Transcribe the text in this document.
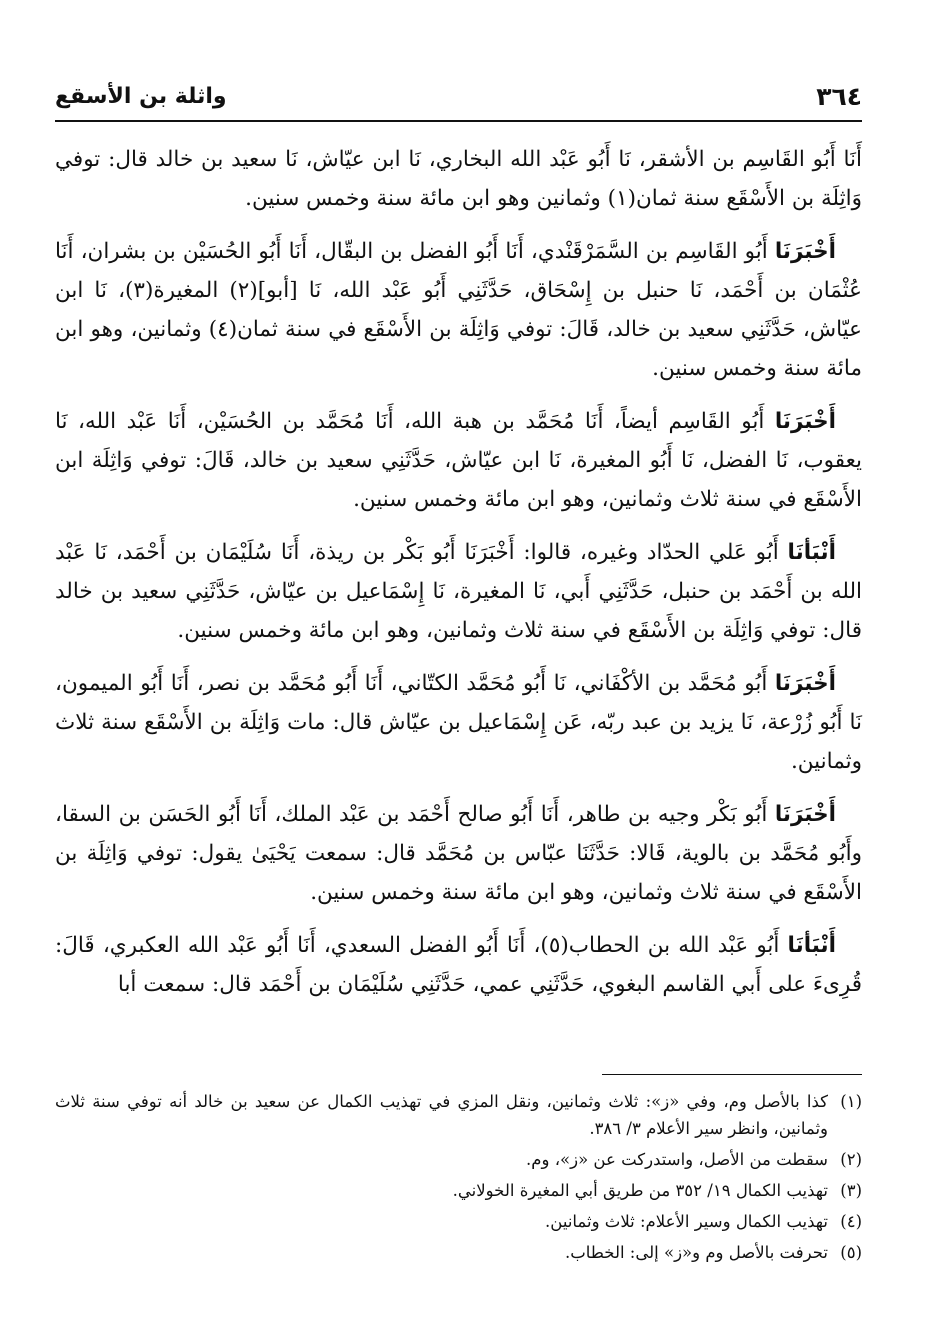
٣٦٤
واثلة بن الأسقع

أَنَا أَبُو القَاسِم بن الأشقر، نَا أَبُو عَبْد الله البخاري، نَا ابن عيّاش، نَا سعيد بن خالد قال: توفي وَاثِلَة بن الأَسْقَع سنة ثمان(١) وثمانين وهو ابن مائة سنة وخمس سنين.

أَخْبَرَنَا أَبُو القَاسِم بن السَّمَرْقَنْدي، أَنَا أَبُو الفضل بن البقّال، أَنَا أَبُو الحُسَيْن بن بشران، أَنَا عُثْمَان بن أَحْمَد، نَا حنبل بن إِسْحَاق، حَدَّثَنِي أَبُو عَبْد الله، نَا [أبو](٢) المغيرة(٣)، نَا ابن عيّاش، حَدَّثَنِي سعيد بن خالد، قَالَ: توفي وَاثِلَة بن الأَسْقَع في سنة ثمان(٤) وثمانين، وهو ابن مائة سنة وخمس سنين.

أَخْبَرَنَا أَبُو القَاسِم أيضاً، أَنَا مُحَمَّد بن هبة الله، أَنَا مُحَمَّد بن الحُسَيْن، أَنَا عَبْد الله، نَا يعقوب، نَا الفضل، نَا أَبُو المغيرة، نَا ابن عيّاش، حَدَّثَنِي سعيد بن خالد، قَالَ: توفي وَاثِلَة ابن الأَسْقَع في سنة ثلاث وثمانين، وهو ابن مائة وخمس سنين.

أَنْبَأنَا أَبُو عَلي الحدّاد وغيره، قالوا: أَخْبَرَنَا أَبُو بَكْر بن ريذة، أَنَا سُلَيْمَان بن أَحْمَد، نَا عَبْد الله بن أَحْمَد بن حنبل، حَدَّثَنِي أَبي، نَا المغيرة، نَا إِسْمَاعيل بن عيّاش، حَدَّثَنِي سعيد بن خالد قال: توفي وَاثِلَة بن الأَسْقَع في سنة ثلاث وثمانين، وهو ابن مائة وخمس سنين.

أَخْبَرَنَا أَبُو مُحَمَّد بن الأكْفَاني، نَا أَبُو مُحَمَّد الكتّاني، أَنَا أَبُو مُحَمَّد بن نصر، أَنَا أَبُو الميمون، نَا أَبُو زُرْعة، نَا يزيد بن عبد ربّه، عَن إِسْمَاعيل بن عيّاش قال: مات وَاثِلَة بن الأَسْقَع سنة ثلاث وثمانين.

أَخْبَرَنَا أَبُو بَكْر وجيه بن طاهر، أَنَا أَبُو صالح أَحْمَد بن عَبْد الملك، أَنَا أَبُو الحَسَن بن السقا، وأَبُو مُحَمَّد بن بالوية، قَالا: حَدَّثَنَا عبّاس بن مُحَمَّد قال: سمعت يَحْيَىٰ يقول: توفي وَاثِلَة بن الأَسْقَع في سنة ثلاث وثمانين، وهو ابن مائة سنة وخمس سنين.

أَنْبَأنَا أَبُو عَبْد الله بن الحطاب(٥)، أَنَا أَبُو الفضل السعدي، أَنَا أَبُو عَبْد الله العكبري، قَالَ: قُرِىءَ على أَبي القاسم البغوي، حَدَّثَنِي عمي، حَدَّثَنِي سُلَيْمَان بن أَحْمَد قال: سمعت أبا

(١)
كذا بالأصل وم، وفي «ز»: ثلاث وثمانين، ونقل المزي في تهذيب الكمال عن سعيد بن خالد أنه توفي سنة ثلاث وثمانين، وانظر سير الأعلام ٣/ ٣٨٦.
(٢)
سقطت من الأصل، واستدركت عن «ز»، وم.
(٣)
تهذيب الكمال ١٩/ ٣٥٢ من طريق أبي المغيرة الخولاني.
(٤)
تهذيب الكمال وسير الأعلام: ثلاث وثمانين.
(٥)
تحرفت بالأصل وم و«ز» إلى: الخطاب.
